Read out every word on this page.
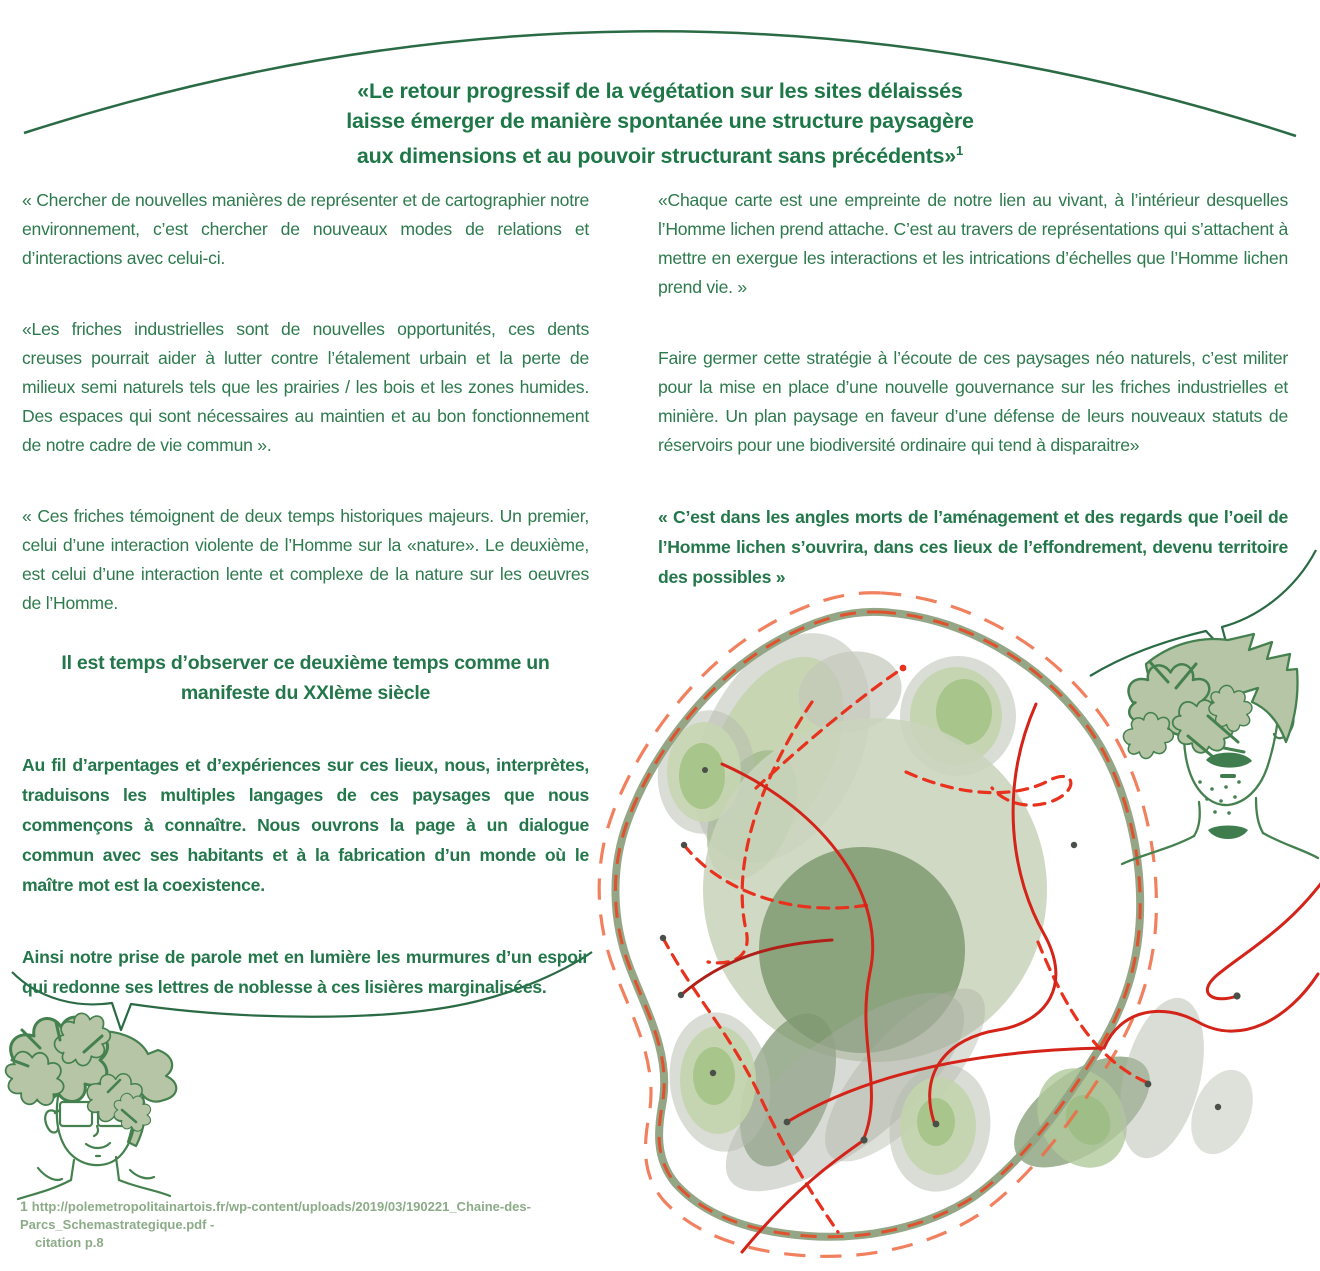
«Le retour progressif de la végétation sur les sites délaissés
laisse émerger de manière spontanée une structure paysagère
aux dimensions et au pouvoir structurant sans précédents»$^1$

« Chercher de nouvelles manières de représenter et de cartographier notre environnement, c’est chercher de nouveaux modes de relations et d’interactions avec celui-ci.

«Les friches industrielles sont de nouvelles opportunités, ces dents creuses pourrait aider à lutter contre l’étalement urbain et la perte de milieux semi naturels tels que les prairies / les bois et les zones humides. Des espaces qui sont nécessaires au maintien et au bon fonctionnement de notre cadre de vie commun ».

« Ces friches témoignent de deux temps historiques majeurs. Un premier, celui d’une interaction violente de l’Homme sur la «nature». Le deuxième, est celui d’une interaction lente et complexe de la nature sur les oeuvres de l’Homme.

Il est temps d’observer ce deuxième temps comme un manifeste du XXIème siècle

Au fil d’arpentages et d’expériences sur ces lieux, nous, interprètes, traduisons les multiples langages de ces paysages que nous commençons à connaître. Nous ouvrons la page à un dialogue commun avec ses habitants et à la fabrication d’un monde où le maître mot est la coexistence.

Ainsi notre prise de parole met en lumière les murmures d’un espoir qui redonne ses lettres de noblesse à ces lisières marginalisées.

«Chaque carte est une empreinte de notre lien au vivant, à l’intérieur desquelles l’Homme lichen prend attache. C’est au travers de représentations qui s’attachent à mettre en exergue les interactions et les intrications d’échelles que l’Homme lichen prend vie. »

Faire germer cette stratégie à l’écoute de ces paysages néo naturels, c’est militer pour la mise en place d’une nouvelle gouvernance sur les friches industrielles et minière. Un plan paysage en faveur d’une défense de leurs nouveaux statuts de réservoirs pour une biodiversité ordinaire qui tend à disparaitre»

« C’est dans les angles morts de l’aménagement et des regards que l’oeil de l’Homme lichen s’ouvrira, dans ces lieux de l’effondrement, devenu territoire des possibles »

1 http://polemetropolitainartois.fr/wp-content/uploads/2019/03/190221_Chaine-des-Parcs_Schemastrategique.pdf -
citation p.8
